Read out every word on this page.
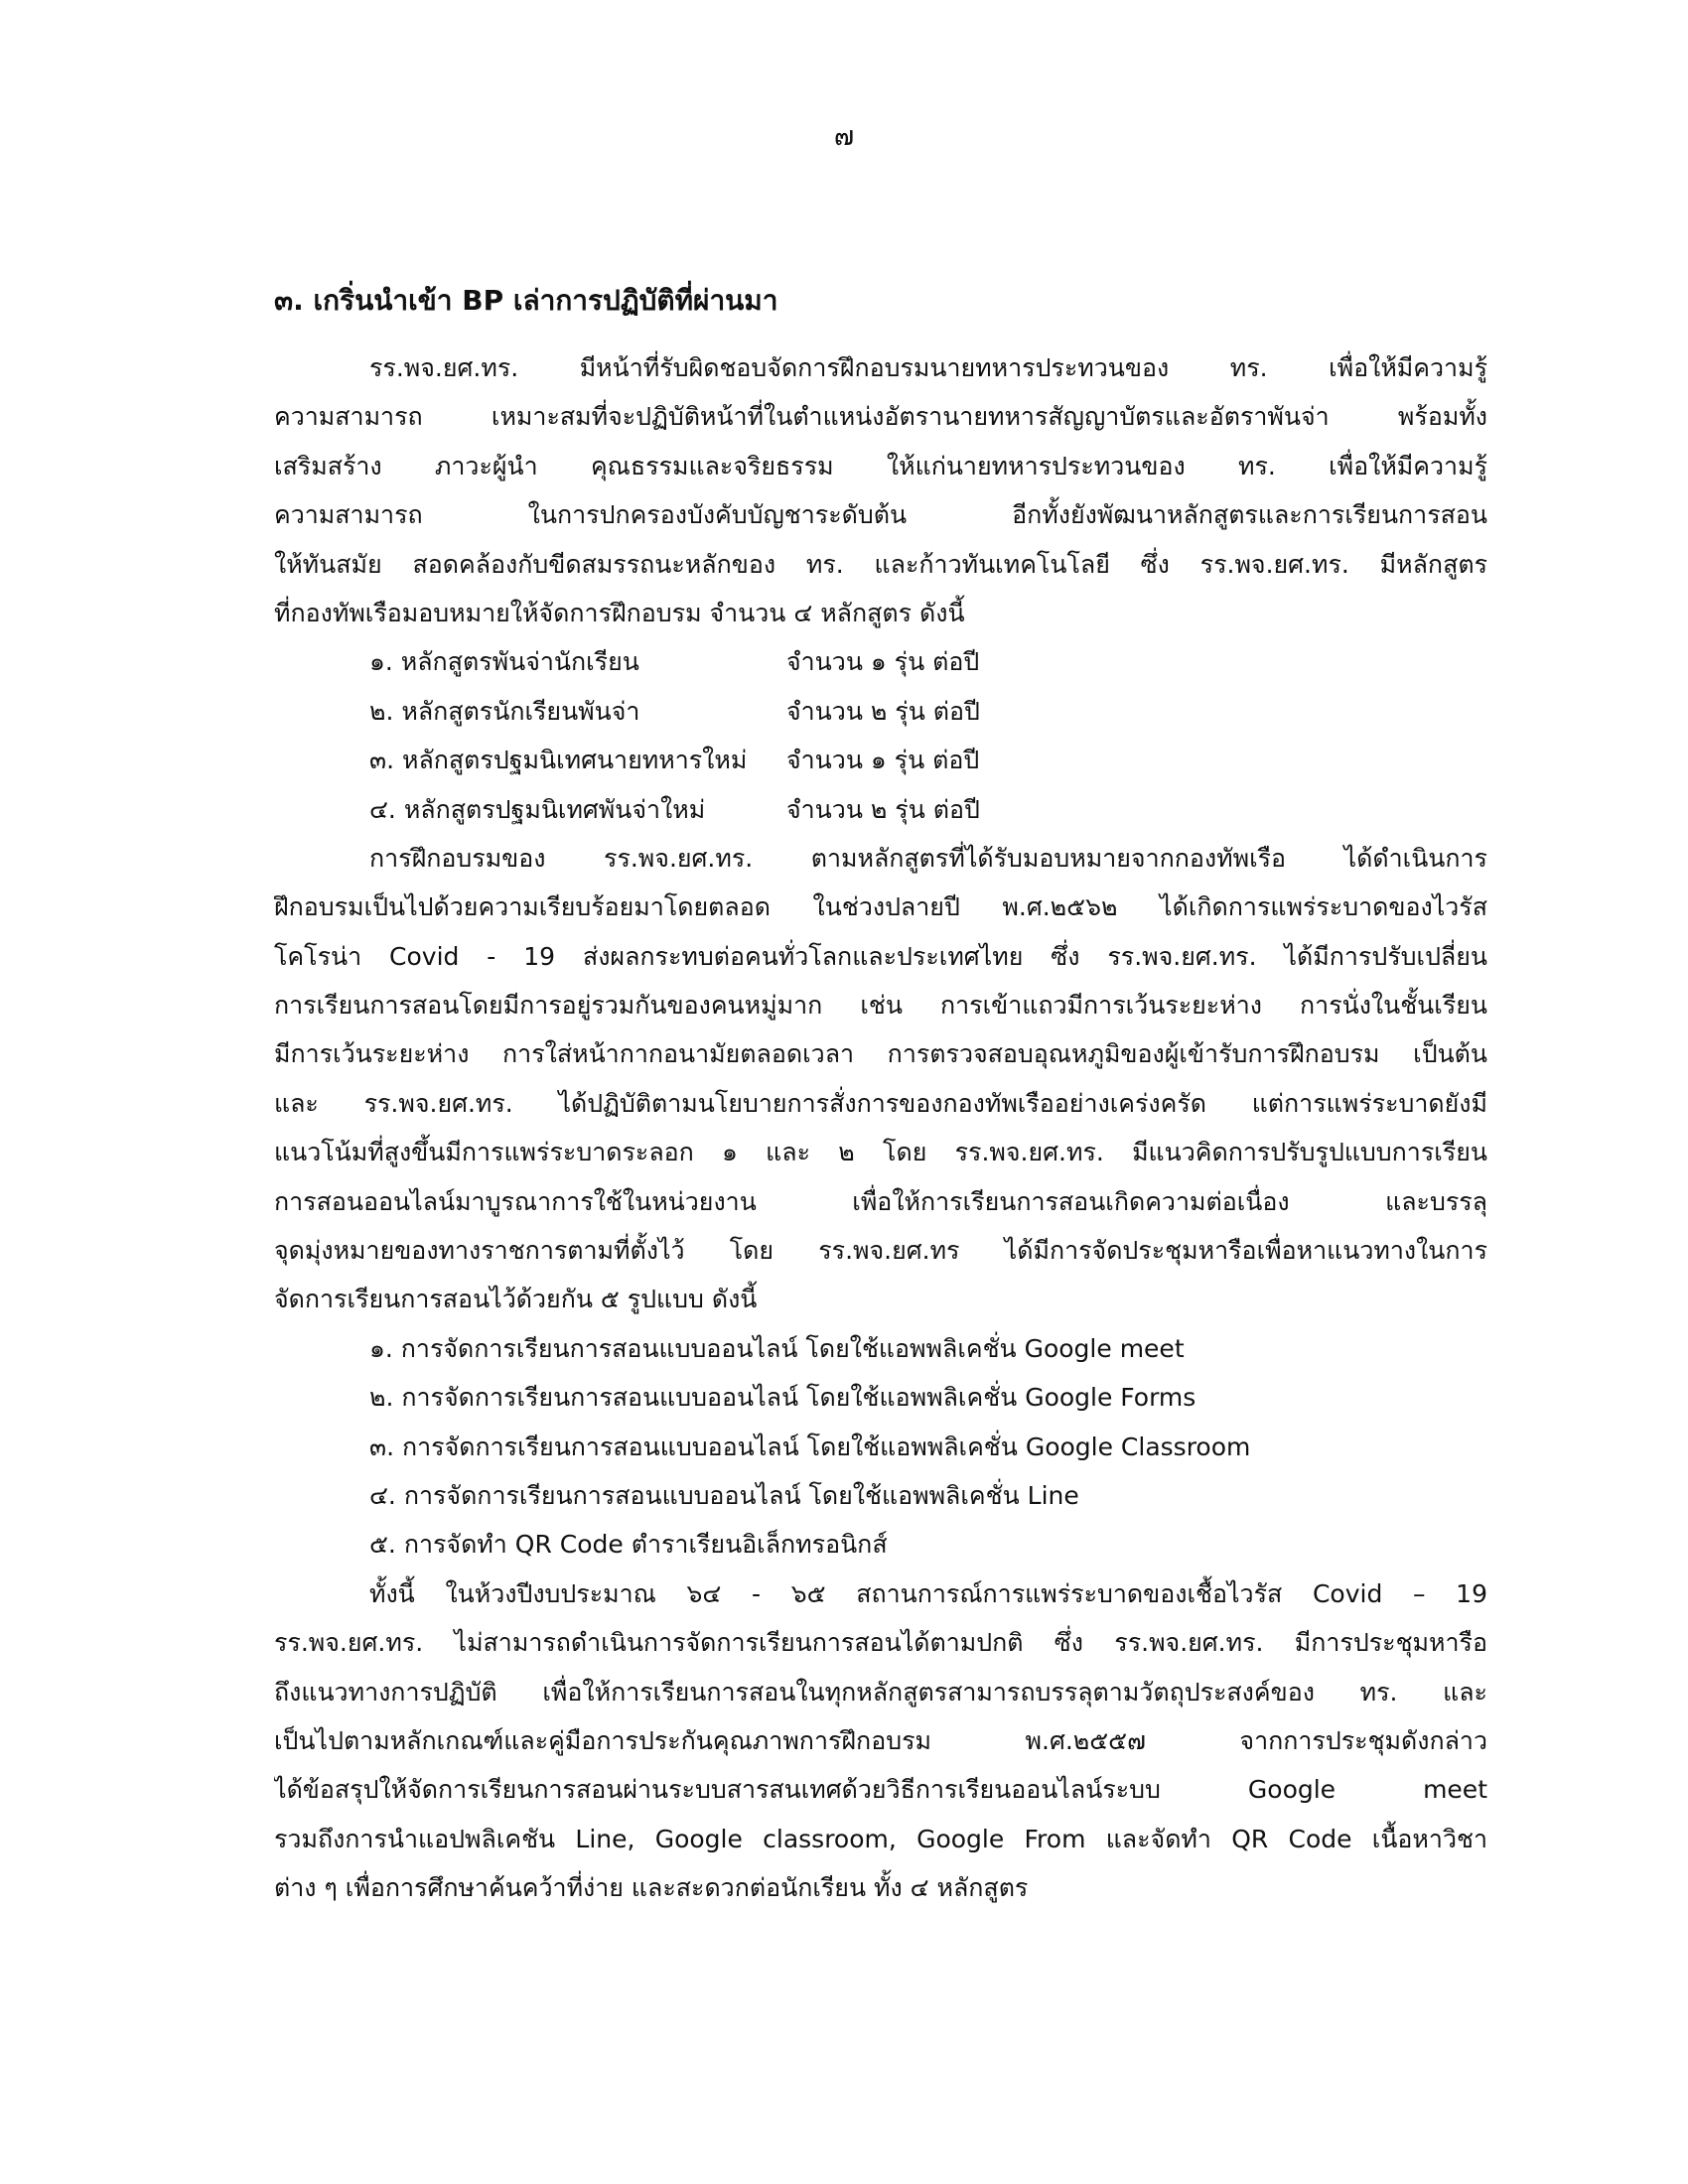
๗
๓. เกริ่นนำเข้า BP เล่าการปฏิบัติที่ผ่านมา
รร.พจ.ยศ.ทร. มีหน้าที่รับผิดชอบจัดการฝึกอบรมนายทหารประทวนของ ทร. เพื่อให้มีความรู้
ความสามารถ เหมาะสมที่จะปฏิบัติหน้าที่ในตำแหน่งอัตรานายทหารสัญญาบัตรและอัตราพันจ่า พร้อมทั้ง
เสริมสร้าง ภาวะผู้นำ คุณธรรมและจริยธรรม ให้แก่นายทหารประทวนของ ทร. เพื่อให้มีความรู้
ความสามารถ ในการปกครองบังคับบัญชาระดับต้น อีกทั้งยังพัฒนาหลักสูตรและการเรียนการสอน
ให้ทันสมัย สอดคล้องกับขีดสมรรถนะหลักของ ทร. และก้าวทันเทคโนโลยี ซึ่ง รร.พจ.ยศ.ทร. มีหลักสูตร
ที่กองทัพเรือมอบหมายให้จัดการฝึกอบรม จำนวน ๔ หลักสูตร ดังนี้
๑. หลักสูตรพันจ่านักเรียน	จำนวน ๑ รุ่น ต่อปี
๒. หลักสูตรนักเรียนพันจ่า	จำนวน ๒ รุ่น ต่อปี
๓. หลักสูตรปฐมนิเทศนายทหารใหม่	จำนวน ๑ รุ่น ต่อปี
๔. หลักสูตรปฐมนิเทศพันจ่าใหม่	จำนวน ๒ รุ่น ต่อปี
การฝึกอบรมของ รร.พจ.ยศ.ทร. ตามหลักสูตรที่ได้รับมอบหมายจากกองทัพเรือ ได้ดำเนินการ
ฝึกอบรมเป็นไปด้วยความเรียบร้อยมาโดยตลอด ในช่วงปลายปี พ.ศ.๒๕๖๒ ได้เกิดการแพร่ระบาดของไวรัส
โคโรน่า Covid - 19 ส่งผลกระทบต่อคนทั่วโลกและประเทศไทย ซึ่ง รร.พจ.ยศ.ทร. ได้มีการปรับเปลี่ยน
การเรียนการสอนโดยมีการอยู่รวมกันของคนหมู่มาก เช่น การเข้าแถวมีการเว้นระยะห่าง การนั่งในชั้นเรียน
มีการเว้นระยะห่าง การใส่หน้ากากอนามัยตลอดเวลา การตรวจสอบอุณหภูมิของผู้เข้ารับการฝึกอบรม เป็นต้น
และ รร.พจ.ยศ.ทร. ได้ปฏิบัติตามนโยบายการสั่งการของกองทัพเรืออย่างเคร่งครัด แต่การแพร่ระบาดยังมี
แนวโน้มที่สูงขึ้นมีการแพร่ระบาดระลอก ๑ และ ๒ โดย รร.พจ.ยศ.ทร. มีแนวคิดการปรับรูปแบบการเรียน
การสอนออนไลน์มาบูรณาการใช้ในหน่วยงาน เพื่อให้การเรียนการสอนเกิดความต่อเนื่อง และบรรลุ
จุดมุ่งหมายของทางราชการตามที่ตั้งไว้ โดย รร.พจ.ยศ.ทร ได้มีการจัดประชุมหารือเพื่อหาแนวทางในการ
จัดการเรียนการสอนไว้ด้วยกัน ๕ รูปแบบ ดังนี้
๑. การจัดการเรียนการสอนแบบออนไลน์ โดยใช้แอพพลิเคชั่น Google meet
๒. การจัดการเรียนการสอนแบบออนไลน์ โดยใช้แอพพลิเคชั่น Google Forms
๓. การจัดการเรียนการสอนแบบออนไลน์ โดยใช้แอพพลิเคชั่น Google Classroom
๔. การจัดการเรียนการสอนแบบออนไลน์ โดยใช้แอพพลิเคชั่น Line
๕. การจัดทำ QR Code ตำราเรียนอิเล็กทรอนิกส์
ทั้งนี้ ในห้วงปีงบประมาณ ๖๔ - ๖๕ สถานการณ์การแพร่ระบาดของเชื้อไวรัส Covid – 19
รร.พจ.ยศ.ทร. ไม่สามารถดำเนินการจัดการเรียนการสอนได้ตามปกติ ซึ่ง รร.พจ.ยศ.ทร. มีการประชุมหารือ
ถึงแนวทางการปฏิบัติ เพื่อให้การเรียนการสอนในทุกหลักสูตรสามารถบรรลุตามวัตถุประสงค์ของ ทร. และ
เป็นไปตามหลักเกณฑ์และคู่มือการประกันคุณภาพการฝึกอบรม พ.ศ.๒๕๕๗ จากการประชุมดังกล่าว
ได้ข้อสรุปให้จัดการเรียนการสอนผ่านระบบสารสนเทศด้วยวิธีการเรียนออนไลน์ระบบ Google meet
รวมถึงการนำแอปพลิเคชัน Line, Google classroom, Google From และจัดทำ QR Code เนื้อหาวิชา
ต่าง ๆ เพื่อการศึกษาค้นคว้าที่ง่าย และสะดวกต่อนักเรียน ทั้ง ๔ หลักสูตร
